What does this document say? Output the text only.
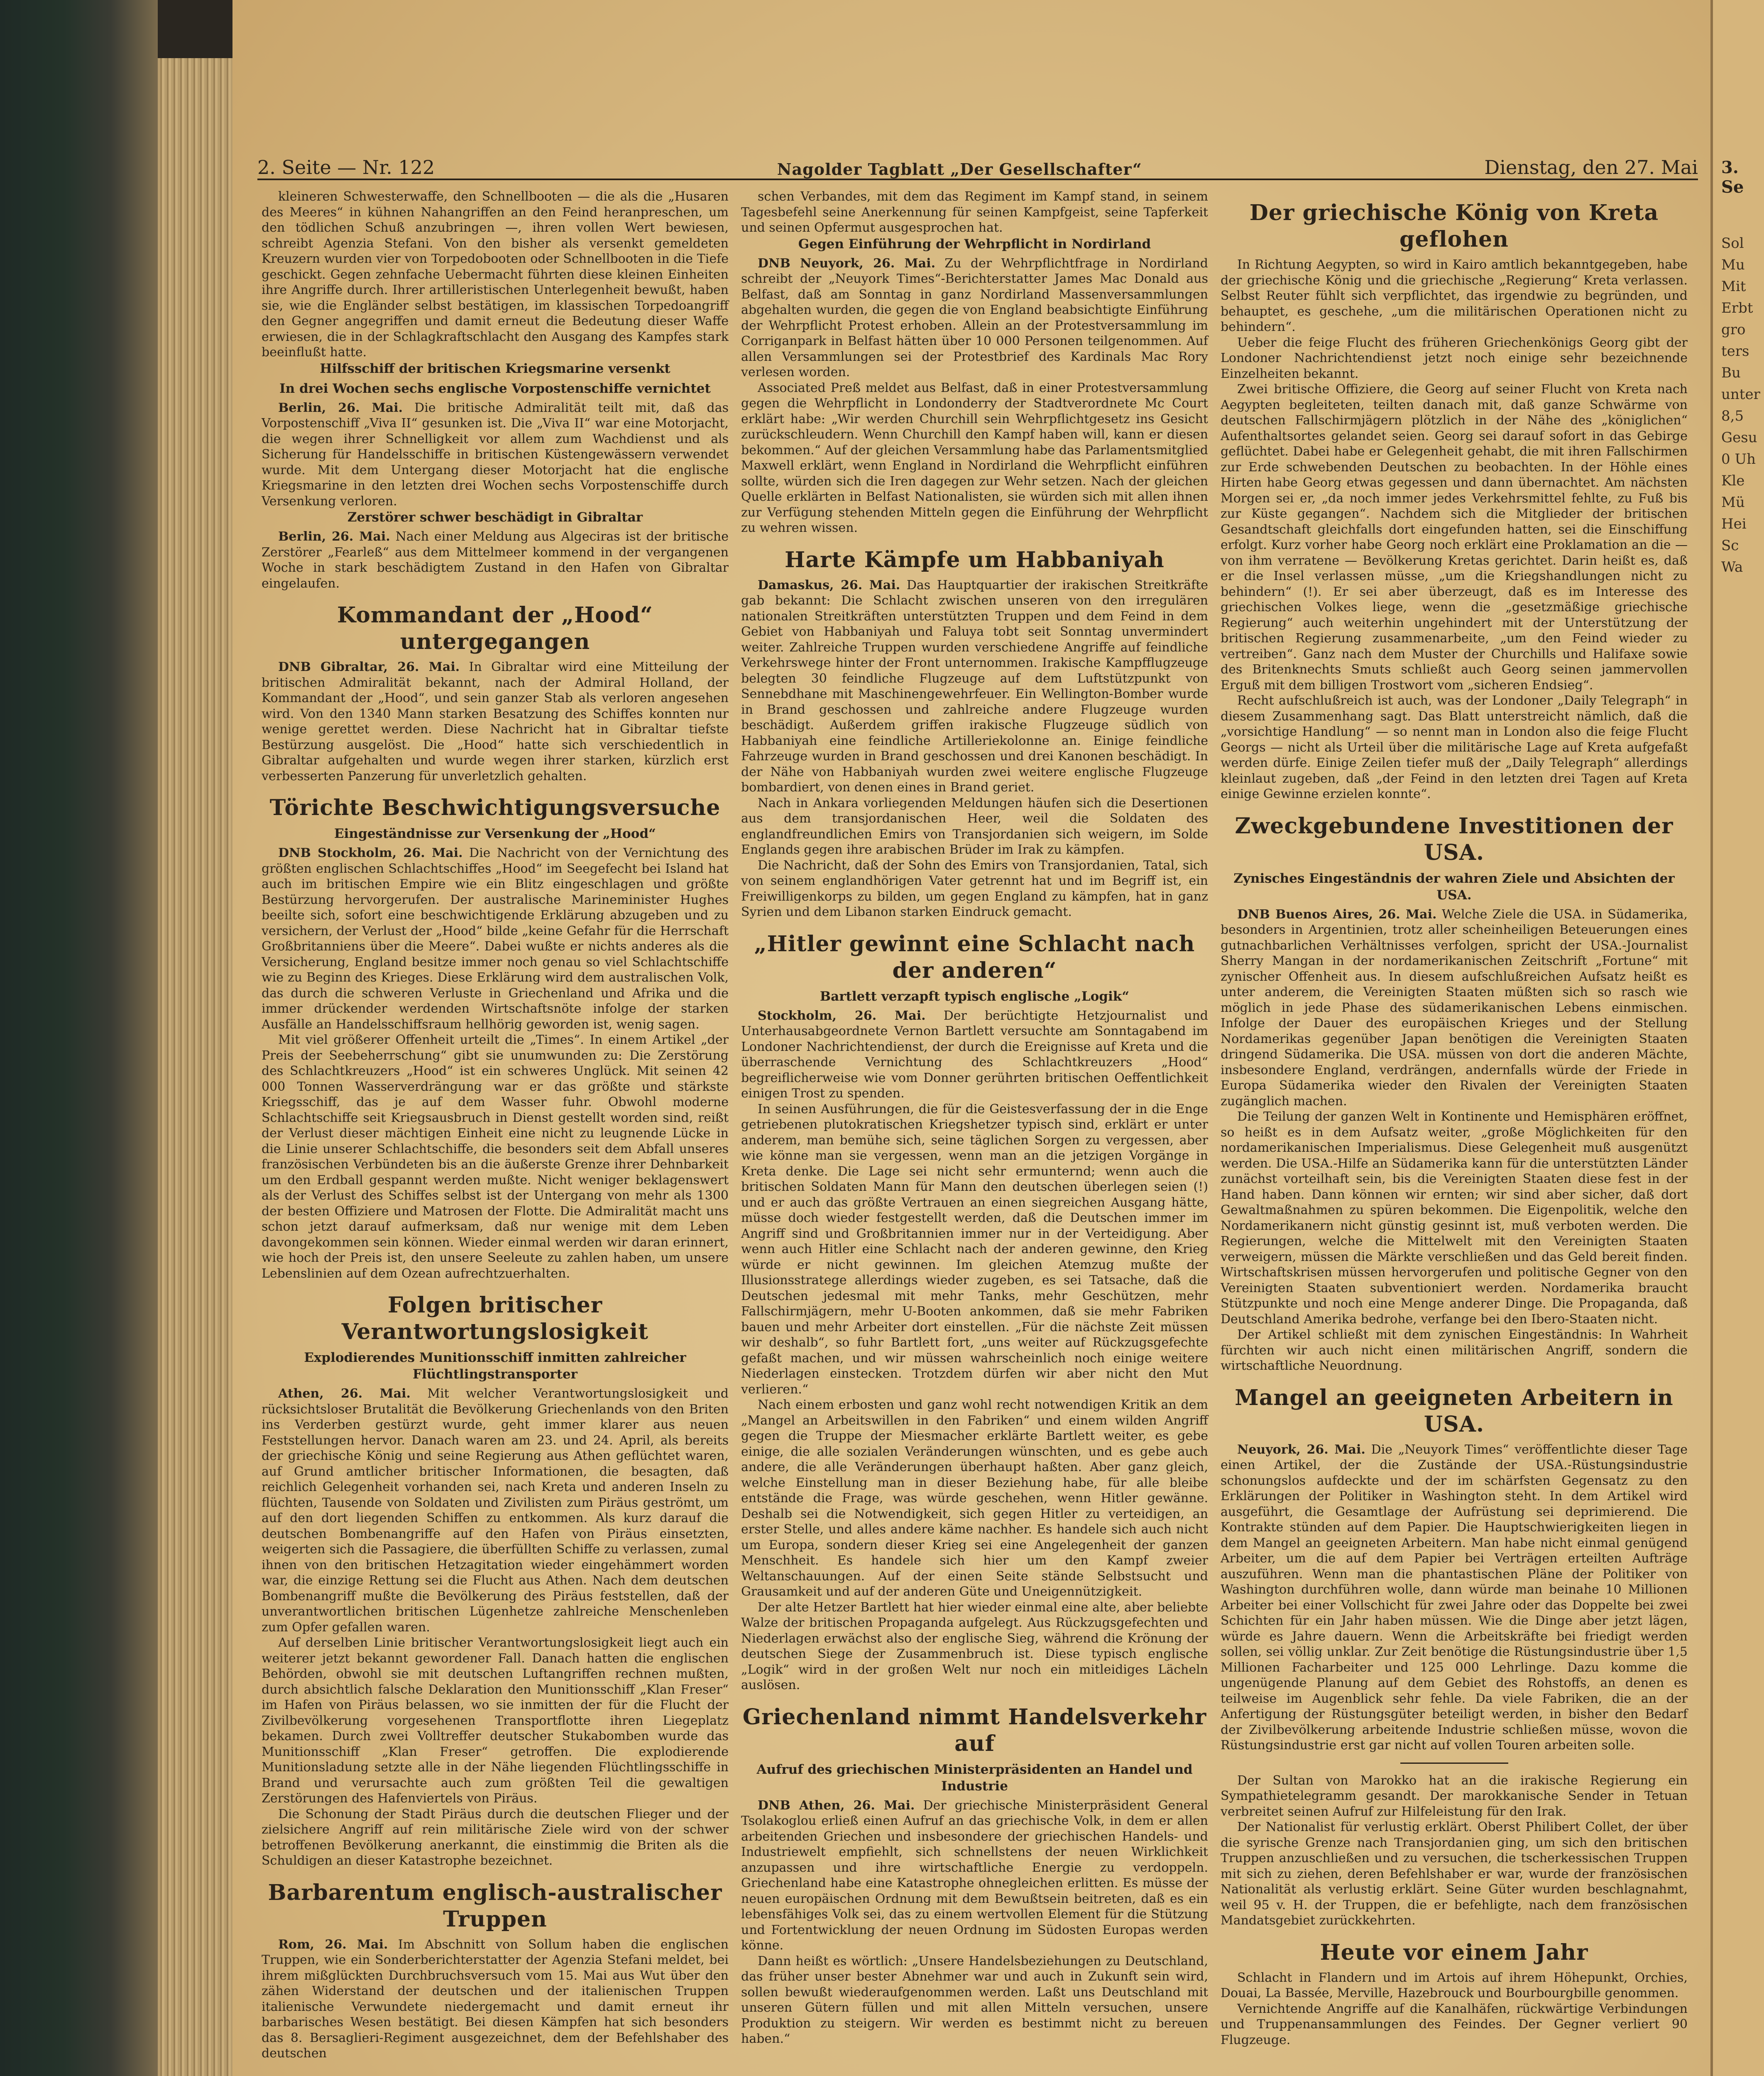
2. Seite — Nr. 122	Nagolder Tagblatt „Der Gesellschafter“	Dienstag, den 27. Mai

kleineren Schwesterwaffe, den Schnellbooten — die als die „Husaren des Meeres“ in kühnen Nahangriffen an den Feind heranpreschen, um den tödlichen Schuß anzubringen —, ihren vollen Wert bewiesen, schreibt Agenzia Stefani. Von den bisher als versenkt gemeldeten Kreuzern wurden vier von Torpedobooten oder Schnellbooten in die Tiefe geschickt. Gegen zehnfache Uebermacht führten diese kleinen Einheiten ihre Angriffe durch. Ihrer artilleristischen Unterlegenheit bewußt, haben sie, wie die Engländer selbst bestätigen, im klassischen Torpedoangriff den Gegner angegriffen und damit erneut die Bedeutung dieser Waffe erwiesen, die in der Schlagkraftschlacht den Ausgang des Kampfes stark beeinflußt hatte.

Hilfsschiff der britischen Kriegsmarine versenkt
In drei Wochen sechs englische Vorpostenschiffe vernichtet

Berlin, 26. Mai. Die britische Admiralität teilt mit, daß das Vorpostenschiff „Viva II“ gesunken ist. Die „Viva II“ war eine Motorjacht, die wegen ihrer Schnelligkeit vor allem zum Wachdienst und als Sicherung für Handelsschiffe in britischen Küstengewässern verwendet wurde. Mit dem Untergang dieser Motorjacht hat die englische Kriegsmarine in den letzten drei Wochen sechs Vorpostenschiffe durch Versenkung verloren.

Zerstörer schwer beschädigt in Gibraltar

Berlin, 26. Mai. Nach einer Meldung aus Algeciras ist der britische Zerstörer „Fearleß“ aus dem Mittelmeer kommend in der vergangenen Woche in stark beschädigtem Zustand in den Hafen von Gibraltar eingelaufen.

Kommandant der „Hood“ untergegangen

DNB Gibraltar, 26. Mai. In Gibraltar wird eine Mitteilung der britischen Admiralität bekannt, nach der Admiral Holland, der Kommandant der „Hood“, und sein ganzer Stab als verloren angesehen wird. Von den 1340 Mann starken Besatzung des Schiffes konnten nur wenige gerettet werden. Diese Nachricht hat in Gibraltar tiefste Bestürzung ausgelöst. Die „Hood“ hatte sich verschiedentlich in Gibraltar aufgehalten und wurde wegen ihrer starken, kürzlich erst verbesserten Panzerung für unverletzlich gehalten.

Törichte Beschwichtigungsversuche
Eingeständnisse zur Versenkung der „Hood“

DNB Stockholm, 26. Mai. Die Nachricht von der Vernichtung des größten englischen Schlachtschiffes „Hood“ im Seegefecht bei Island hat auch im britischen Empire wie ein Blitz eingeschlagen und größte Bestürzung hervorgerufen. Der australische Marineminister Hughes beeilte sich, sofort eine beschwichtigende Erklärung abzugeben und zu versichern, der Verlust der „Hood“ bilde „keine Gefahr für die Herrschaft Großbritanniens über die Meere“. Dabei wußte er nichts anderes als die Versicherung, England besitze immer noch genau so viel Schlachtschiffe wie zu Beginn des Krieges. Diese Erklärung wird dem australischen Volk, das durch die schweren Verluste in Griechenland und Afrika und die immer drückender werdenden Wirtschaftsnöte infolge der starken Ausfälle an Handelsschiffsraum hellhörig geworden ist, wenig sagen.

Mit viel größerer Offenheit urteilt die „Times“. In einem Artikel „der Preis der Seebeherrschung“ gibt sie unumwunden zu: Die Zerstörung des Schlachtkreuzers „Hood“ ist ein schweres Unglück. Mit seinen 42 000 Tonnen Wasserverdrängung war er das größte und stärkste Kriegsschiff, das je auf dem Wasser fuhr. Obwohl moderne Schlachtschiffe seit Kriegsausbruch in Dienst gestellt worden sind, reißt der Verlust dieser mächtigen Einheit eine nicht zu leugnende Lücke in die Linie unserer Schlachtschiffe, die besonders seit dem Abfall unseres französischen Verbündeten bis an die äußerste Grenze ihrer Dehnbarkeit um den Erdball gespannt werden mußte. Nicht weniger beklagenswert als der Verlust des Schiffes selbst ist der Untergang von mehr als 1300 der besten Offiziere und Matrosen der Flotte. Die Admiralität macht uns schon jetzt darauf aufmerksam, daß nur wenige mit dem Leben davongekommen sein können. Wieder einmal werden wir daran erinnert, wie hoch der Preis ist, den unsere Seeleute zu zahlen haben, um unsere Lebenslinien auf dem Ozean aufrechtzuerhalten.

Folgen britischer Verantwortungslosigkeit
Explodierendes Munitionsschiff inmitten zahlreicher Flüchtlingstransporter

Athen, 26. Mai. Mit welcher Verantwortungslosigkeit und rücksichtsloser Brutalität die Bevölkerung Griechenlands von den Briten ins Verderben gestürzt wurde, geht immer klarer aus neuen Feststellungen hervor. Danach waren am 23. und 24. April, als bereits der griechische König und seine Regierung aus Athen geflüchtet waren, auf Grund amtlicher britischer Informationen, die besagten, daß reichlich Gelegenheit vorhanden sei, nach Kreta und anderen Inseln zu flüchten, Tausende von Soldaten und Zivilisten zum Piräus geströmt, um auf den dort liegenden Schiffen zu entkommen. Als kurz darauf die deutschen Bombenangriffe auf den Hafen von Piräus einsetzten, weigerten sich die Passagiere, die überfüllten Schiffe zu verlassen, zumal ihnen von den britischen Hetzagitation wieder eingehämmert worden war, die einzige Rettung sei die Flucht aus Athen. Nach dem deutschen Bombenangriff mußte die Bevölkerung des Piräus feststellen, daß der unverantwortlichen britischen Lügenhetze zahlreiche Menschenleben zum Opfer gefallen waren.

Auf derselben Linie britischer Verantwortungslosigkeit liegt auch ein weiterer jetzt bekannt gewordener Fall. Danach hatten die englischen Behörden, obwohl sie mit deutschen Luftangriffen rechnen mußten, durch absichtlich falsche Deklaration den Munitionsschiff „Klan Freser“ im Hafen von Piräus belassen, wo sie inmitten der für die Flucht der Zivilbevölkerung vorgesehenen Transportflotte ihren Liegeplatz bekamen. Durch zwei Volltreffer deutscher Stukabomben wurde das Munitionsschiff „Klan Freser“ getroffen. Die explodierende Munitionsladung setzte alle in der Nähe liegenden Flüchtlingsschiffe in Brand und verursachte auch zum größten Teil die gewaltigen Zerstörungen des Hafenviertels von Piräus.

Die Schonung der Stadt Piräus durch die deutschen Flieger und der zielsichere Angriff auf rein militärische Ziele wird von der schwer betroffenen Bevölkerung anerkannt, die einstimmig die Briten als die Schuldigen an dieser Katastrophe bezeichnet.

Barbarentum englisch-australischer Truppen

Rom, 26. Mai. Im Abschnitt von Sollum haben die englischen Truppen, wie ein Sonderberichterstatter der Agenzia Stefani meldet, bei ihrem mißglückten Durchbruchsversuch vom 15. Mai aus Wut über den zähen Widerstand der deutschen und der italienischen Truppen italienische Verwundete niedergemacht und damit erneut ihr barbarisches Wesen bestätigt. Bei diesen Kämpfen hat sich besonders das 8. Bersaglieri-Regiment ausgezeichnet, dem der Befehlshaber des deutschen

schen Verbandes, mit dem das Regiment im Kampf stand, in seinem Tagesbefehl seine Anerkennung für seinen Kampfgeist, seine Tapferkeit und seinen Opfermut ausgesprochen hat.

Gegen Einführung der Wehrpflicht in Nordirland

DNB Neuyork, 26. Mai. Zu der Wehrpflichtfrage in Nordirland schreibt der „Neuyork Times“-Berichterstatter James Mac Donald aus Belfast, daß am Sonntag in ganz Nordirland Massenversammlungen abgehalten wurden, die gegen die von England beabsichtigte Einführung der Wehrpflicht Protest erhoben. Allein an der Protestversammlung im Corriganpark in Belfast hätten über 10 000 Personen teilgenommen. Auf allen Versammlungen sei der Protestbrief des Kardinals Mac Rory verlesen worden.

Associated Preß meldet aus Belfast, daß in einer Protestversammlung gegen die Wehrpflicht in Londonderry der Stadtverordnete Mc Court erklärt habe: „Wir werden Churchill sein Wehrpflichtgesetz ins Gesicht zurückschleudern. Wenn Churchill den Kampf haben will, kann er diesen bekommen.“ Auf der gleichen Versammlung habe das Parlamentsmitglied Maxwell erklärt, wenn England in Nordirland die Wehrpflicht einführen sollte, würden sich die Iren dagegen zur Wehr setzen. Nach der gleichen Quelle erklärten in Belfast Nationalisten, sie würden sich mit allen ihnen zur Verfügung stehenden Mitteln gegen die Einführung der Wehrpflicht zu wehren wissen.

Harte Kämpfe um Habbaniyah

Damaskus, 26. Mai. Das Hauptquartier der irakischen Streitkräfte gab bekannt: Die Schlacht zwischen unseren von den irregulären nationalen Streitkräften unterstützten Truppen und dem Feind in dem Gebiet von Habbaniyah und Faluya tobt seit Sonntag unvermindert weiter. Zahlreiche Truppen wurden verschiedene Angriffe auf feindliche Verkehrswege hinter der Front unternommen. Irakische Kampfflugzeuge belegten 30 feindliche Flugzeuge auf dem Luftstützpunkt von Sennebdhane mit Maschinengewehrfeuer. Ein Wellington-Bomber wurde in Brand geschossen und zahlreiche andere Flugzeuge wurden beschädigt. Außerdem griffen irakische Flugzeuge südlich von Habbaniyah eine feindliche Artilleriekolonne an. Einige feindliche Fahrzeuge wurden in Brand geschossen und drei Kanonen beschädigt. In der Nähe von Habbaniyah wurden zwei weitere englische Flugzeuge bombardiert, von denen eines in Brand geriet.

Nach in Ankara vorliegenden Meldungen häufen sich die Desertionen aus dem transjordanischen Heer, weil die Soldaten des englandfreundlichen Emirs von Transjordanien sich weigern, im Solde Englands gegen ihre arabischen Brüder im Irak zu kämpfen.

Die Nachricht, daß der Sohn des Emirs von Transjordanien, Tatal, sich von seinem englandhörigen Vater getrennt hat und im Begriff ist, ein Freiwilligenkorps zu bilden, um gegen England zu kämpfen, hat in ganz Syrien und dem Libanon starken Eindruck gemacht.

„Hitler gewinnt eine Schlacht nach der anderen“
Bartlett verzapft typisch englische „Logik“

Stockholm, 26. Mai. Der berüchtigte Hetzjournalist und Unterhausabgeordnete Vernon Bartlett versuchte am Sonntagabend im Londoner Nachrichtendienst, der durch die Ereignisse auf Kreta und die überraschende Vernichtung des Schlachtkreuzers „Hood“ begreiflicherweise wie vom Donner gerührten britischen Oeffentlichkeit einigen Trost zu spenden.

In seinen Ausführungen, die für die Geistesverfassung der in die Enge getriebenen plutokratischen Kriegshetzer typisch sind, erklärt er unter anderem, man bemühe sich, seine täglichen Sorgen zu vergessen, aber wie könne man sie vergessen, wenn man an die jetzigen Vorgänge in Kreta denke. Die Lage sei nicht sehr ermunternd; wenn auch die britischen Soldaten Mann für Mann den deutschen überlegen seien (!) und er auch das größte Vertrauen an einen siegreichen Ausgang hätte, müsse doch wieder festgestellt werden, daß die Deutschen immer im Angriff sind und Großbritannien immer nur in der Verteidigung. Aber wenn auch Hitler eine Schlacht nach der anderen gewinne, den Krieg würde er nicht gewinnen. Im gleichen Atemzug mußte der Illusionsstratege allerdings wieder zugeben, es sei Tatsache, daß die Deutschen jedesmal mit mehr Tanks, mehr Geschützen, mehr Fallschirmjägern, mehr U-Booten ankommen, daß sie mehr Fabriken bauen und mehr Arbeiter dort einstellen. „Für die nächste Zeit müssen wir deshalb“, so fuhr Bartlett fort, „uns weiter auf Rückzugsgefechte gefaßt machen, und wir müssen wahrscheinlich noch einige weitere Niederlagen einstecken. Trotzdem dürfen wir aber nicht den Mut verlieren.“

Nach einem erbosten und ganz wohl recht notwendigen Kritik an dem „Mangel an Arbeitswillen in den Fabriken“ und einem wilden Angriff gegen die Truppe der Miesmacher erklärte Bartlett weiter, es gebe einige, die alle sozialen Veränderungen wünschten, und es gebe auch andere, die alle Veränderungen überhaupt haßten. Aber ganz gleich, welche Einstellung man in dieser Beziehung habe, für alle bleibe entstände die Frage, was würde geschehen, wenn Hitler gewänne. Deshalb sei die Notwendigkeit, sich gegen Hitler zu verteidigen, an erster Stelle, und alles andere käme nachher. Es handele sich auch nicht um Europa, sondern dieser Krieg sei eine Angelegenheit der ganzen Menschheit. Es handele sich hier um den Kampf zweier Weltanschauungen. Auf der einen Seite stände Selbstsucht und Grausamkeit und auf der anderen Güte und Uneigennützigkeit.

Der alte Hetzer Bartlett hat hier wieder einmal eine alte, aber beliebte Walze der britischen Propaganda aufgelegt. Aus Rückzugsgefechten und Niederlagen erwächst also der englische Sieg, während die Krönung der deutschen Siege der Zusammenbruch ist. Diese typisch englische „Logik“ wird in der großen Welt nur noch ein mitleidiges Lächeln auslösen.

Griechenland nimmt Handelsverkehr auf
Aufruf des griechischen Ministerpräsidenten an Handel und Industrie

DNB Athen, 26. Mai. Der griechische Ministerpräsident General Tsolakoglou erließ einen Aufruf an das griechische Volk, in dem er allen arbeitenden Griechen und insbesondere der griechischen Handels- und Industriewelt empfiehlt, sich schnellstens der neuen Wirklichkeit anzupassen und ihre wirtschaftliche Energie zu verdoppeln. Griechenland habe eine Katastrophe ohnegleichen erlitten. Es müsse der neuen europäischen Ordnung mit dem Bewußtsein beitreten, daß es ein lebensfähiges Volk sei, das zu einem wertvollen Element für die Stützung und Fortentwicklung der neuen Ordnung im Südosten Europas werden könne.

Dann heißt es wörtlich: „Unsere Handelsbeziehungen zu Deutschland, das früher unser bester Abnehmer war und auch in Zukunft sein wird, sollen bewußt wiederaufgenommen werden. Laßt uns Deutschland mit unseren Gütern füllen und mit allen Mitteln versuchen, unsere Produktion zu steigern. Wir werden es bestimmt nicht zu bereuen haben.“

Der griechische König von Kreta geflohen

In Richtung Aegypten, so wird in Kairo amtlich bekanntgegeben, habe der griechische König und die griechische „Regierung“ Kreta verlassen. Selbst Reuter fühlt sich verpflichtet, das irgendwie zu begründen, und behauptet, es geschehe, „um die militärischen Operationen nicht zu behindern“.

Ueber die feige Flucht des früheren Griechenkönigs Georg gibt der Londoner Nachrichtendienst jetzt noch einige sehr bezeichnende Einzelheiten bekannt.

Zwei britische Offiziere, die Georg auf seiner Flucht von Kreta nach Aegypten begleiteten, teilten danach mit, daß ganze Schwärme von deutschen Fallschirmjägern plötzlich in der Nähe des „königlichen“ Aufenthaltsortes gelandet seien. Georg sei darauf sofort in das Gebirge geflüchtet. Dabei habe er Gelegenheit gehabt, die mit ihren Fallschirmen zur Erde schwebenden Deutschen zu beobachten. In der Höhle eines Hirten habe Georg etwas gegessen und dann übernachtet. Am nächsten Morgen sei er, „da noch immer jedes Verkehrsmittel fehlte, zu Fuß bis zur Küste gegangen“. Nachdem sich die Mitglieder der britischen Gesandtschaft gleichfalls dort eingefunden hatten, sei die Einschiffung erfolgt. Kurz vorher habe Georg noch erklärt eine Proklamation an die — von ihm verratene — Bevölkerung Kretas gerichtet. Darin heißt es, daß er die Insel verlassen müsse, „um die Kriegshandlungen nicht zu behindern“ (!). Er sei aber überzeugt, daß es im Interesse des griechischen Volkes liege, wenn die „gesetzmäßige griechische Regierung“ auch weiterhin ungehindert mit der Unterstützung der britischen Regierung zusammenarbeite, „um den Feind wieder zu vertreiben“. Ganz nach dem Muster der Churchills und Halifaxe sowie des Britenknechts Smuts schließt auch Georg seinen jammervollen Erguß mit dem billigen Trostwort vom „sicheren Endsieg“.

Recht aufschlußreich ist auch, was der Londoner „Daily Telegraph“ in diesem Zusammenhang sagt. Das Blatt unterstreicht nämlich, daß die „vorsichtige Handlung“ — so nennt man in London also die feige Flucht Georgs — nicht als Urteil über die militärische Lage auf Kreta aufgefaßt werden dürfe. Einige Zeilen tiefer muß der „Daily Telegraph“ allerdings kleinlaut zugeben, daß „der Feind in den letzten drei Tagen auf Kreta einige Gewinne erzielen konnte“.

Zweckgebundene Investitionen der USA.
Zynisches Eingeständnis der wahren Ziele und Absichten der USA.

DNB Buenos Aires, 26. Mai. Welche Ziele die USA. in Südamerika, besonders in Argentinien, trotz aller scheinheiligen Beteuerungen eines gutnachbarlichen Verhältnisses verfolgen, spricht der USA.-Journalist Sherry Mangan in der nordamerikanischen Zeitschrift „Fortune“ mit zynischer Offenheit aus. In diesem aufschlußreichen Aufsatz heißt es unter anderem, die Vereinigten Staaten müßten sich so rasch wie möglich in jede Phase des südamerikanischen Lebens einmischen. Infolge der Dauer des europäischen Krieges und der Stellung Nordamerikas gegenüber Japan benötigen die Vereinigten Staaten dringend Südamerika. Die USA. müssen von dort die anderen Mächte, insbesondere England, verdrängen, andernfalls würde der Friede in Europa Südamerika wieder den Rivalen der Vereinigten Staaten zugänglich machen.

Die Teilung der ganzen Welt in Kontinente und Hemisphären eröffnet, so heißt es in dem Aufsatz weiter, „große Möglichkeiten für den nordamerikanischen Imperialismus. Diese Gelegenheit muß ausgenützt werden. Die USA.-Hilfe an Südamerika kann für die unterstützten Länder zunächst vorteilhaft sein, bis die Vereinigten Staaten diese fest in der Hand haben. Dann können wir ernten; wir sind aber sicher, daß dort Gewaltmaßnahmen zu spüren bekommen. Die Eigenpolitik, welche den Nordamerikanern nicht günstig gesinnt ist, muß verboten werden. Die Regierungen, welche die Mittelwelt mit den Vereinigten Staaten verweigern, müssen die Märkte verschließen und das Geld bereit finden. Wirtschaftskrisen müssen hervorgerufen und politische Gegner von den Vereinigten Staaten subventioniert werden. Nordamerika braucht Stützpunkte und noch eine Menge anderer Dinge. Die Propaganda, daß Deutschland Amerika bedrohe, verfange bei den Ibero-Staaten nicht.

Der Artikel schließt mit dem zynischen Eingeständnis: In Wahrheit fürchten wir auch nicht einen militärischen Angriff, sondern die wirtschaftliche Neuordnung.

Mangel an geeigneten Arbeitern in USA.

Neuyork, 26. Mai. Die „Neuyork Times“ veröffentlichte dieser Tage einen Artikel, der die Zustände der USA.-Rüstungsindustrie schonungslos aufdeckte und der im schärfsten Gegensatz zu den Erklärungen der Politiker in Washington steht. In dem Artikel wird ausgeführt, die Gesamtlage der Aufrüstung sei deprimierend. Die Kontrakte stünden auf dem Papier. Die Hauptschwierigkeiten liegen in dem Mangel an geeigneten Arbeitern. Man habe nicht einmal genügend Arbeiter, um die auf dem Papier bei Verträgen erteilten Aufträge auszuführen. Wenn man die phantastischen Pläne der Politiker von Washington durchführen wolle, dann würde man beinahe 10 Millionen Arbeiter bei einer Vollschicht für zwei Jahre oder das Doppelte bei zwei Schichten für ein Jahr haben müssen. Wie die Dinge aber jetzt lägen, würde es Jahre dauern. Wenn die Arbeitskräfte bei friedigt werden sollen, sei völlig unklar. Zur Zeit benötige die Rüstungsindustrie über 1,5 Millionen Facharbeiter und 125 000 Lehrlinge. Dazu komme die ungenügende Planung auf dem Gebiet des Rohstoffs, an denen es teilweise im Augenblick sehr fehle. Da viele Fabriken, die an der Anfertigung der Rüstungsgüter beteiligt werden, in bisher den Bedarf der Zivilbevölkerung arbeitende Industrie schließen müsse, wovon die Rüstungsindustrie erst gar nicht auf vollen Touren arbeiten solle.

Der Sultan von Marokko hat an die irakische Regierung ein Sympathietelegramm gesandt. Der marokkanische Sender in Tetuan verbreitet seinen Aufruf zur Hilfeleistung für den Irak.

Der Nationalist für verlustig erklärt. Oberst Philibert Collet, der über die syrische Grenze nach Transjordanien ging, um sich den britischen Truppen anzuschließen und zu versuchen, die tscherkessischen Truppen mit sich zu ziehen, deren Befehlshaber er war, wurde der französischen Nationalität als verlustig erklärt. Seine Güter wurden beschlagnahmt, weil 95 v. H. der Truppen, die er befehligte, nach dem französischen Mandatsgebiet zurückkehrten.

Heute vor einem Jahr

Schlacht in Flandern und im Artois auf ihrem Höhepunkt, Orchies, Douai, La Bassée, Merville, Hazebrouck und Bourbourgbille genommen.

Vernichtende Angriffe auf die Kanalhäfen, rückwärtige Verbindungen und Truppenansammlungen des Feindes. Der Gegner verliert 90 Flugzeuge.

3. Se
Sol
Mu
Mit
Erbt
gro
ters
Bu
unter
8,5
Gesu
0 Uh
Kle
Mü
Hei
Sc
Wa
